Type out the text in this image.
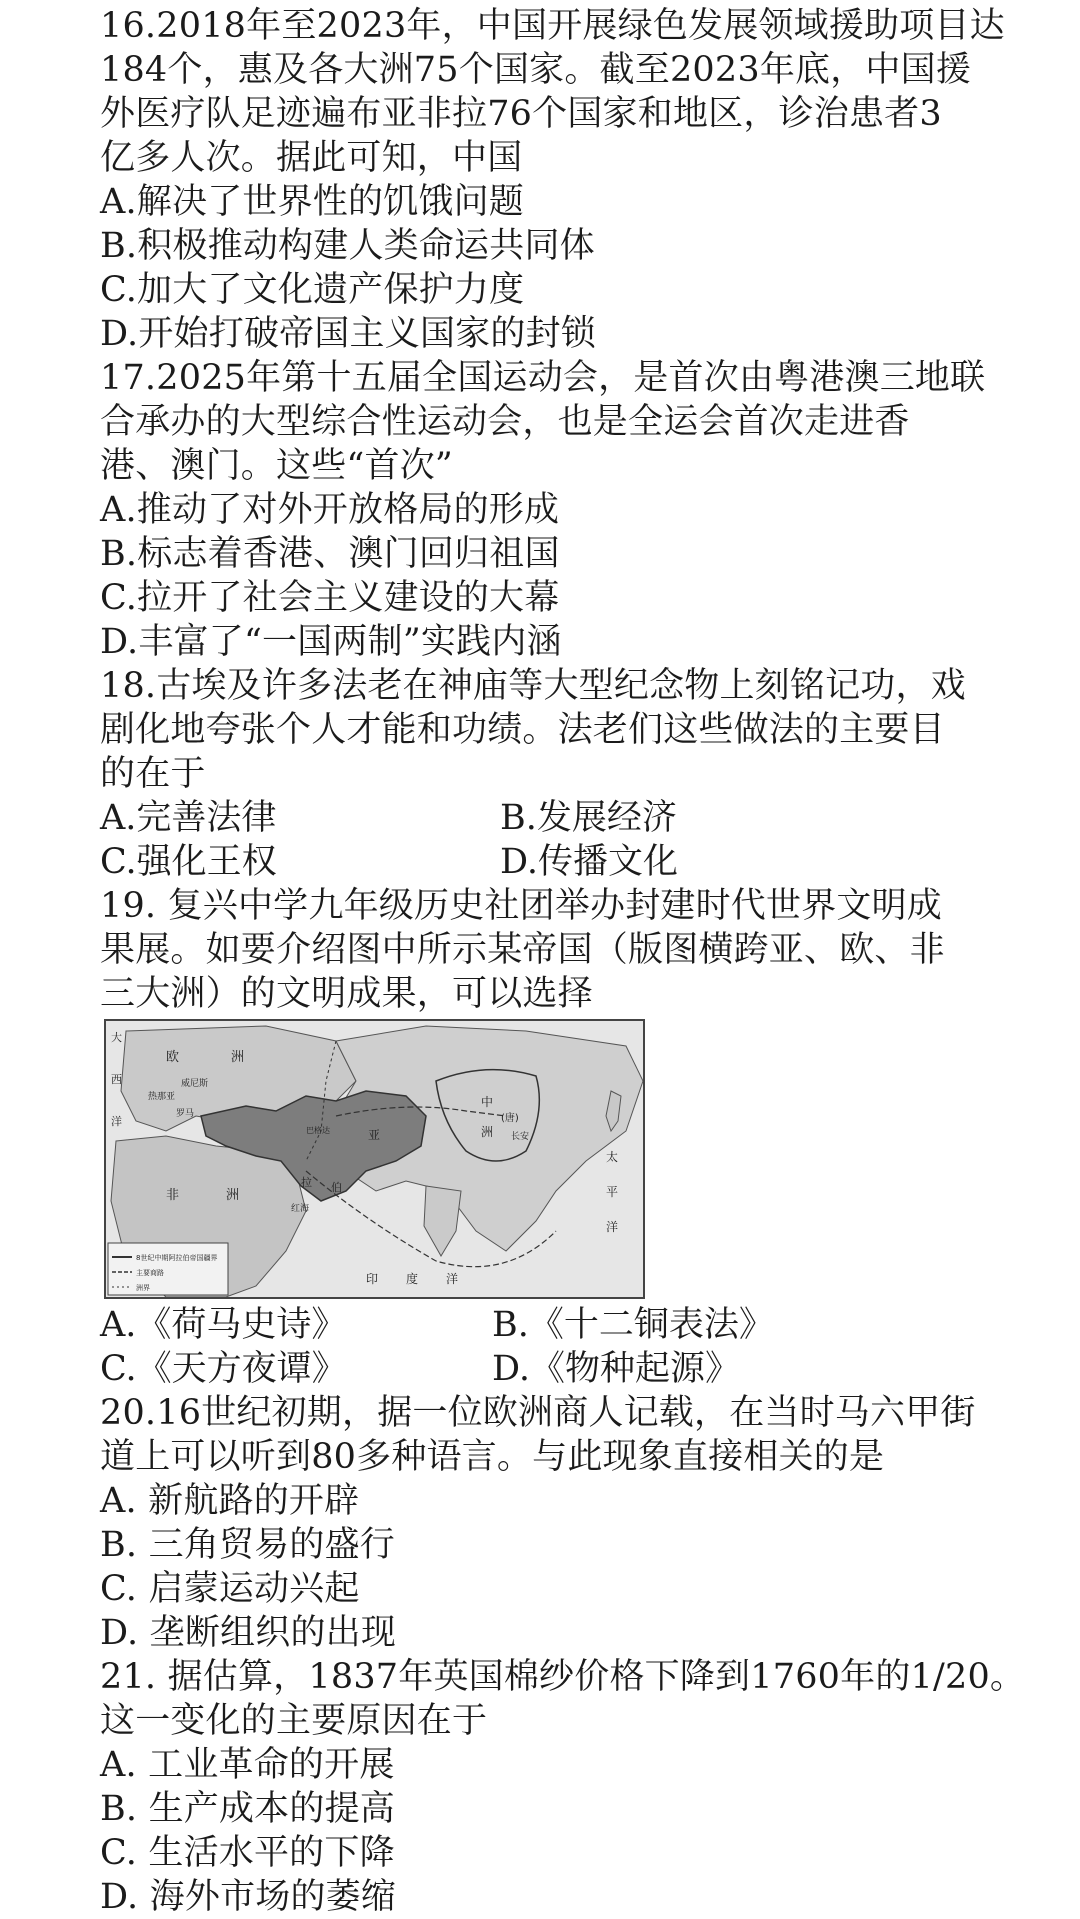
16.2018年至2023年，中国开展绿色发展领域援助项目达
184个，惠及各大洲75个国家。截至2023年底，中国援
外医疗队足迹遍布亚非拉76个国家和地区，诊治患者3
亿多人次。据此可知，中国
A.解决了世界性的饥饿问题
B.积极推动构建人类命运共同体
C.加大了文化遗产保护力度
D.开始打破帝国主义国家的封锁
17.2025年第十五届全国运动会，是首次由粤港澳三地联
合承办的大型综合性运动会，也是全运会首次走进香
港、澳门。这些“首次”
A.推动了对外开放格局的形成
B.标志着香港、澳门回归祖国
C.拉开了社会主义建设的大幕
D.丰富了“一国两制”实践内涵
18.古埃及许多法老在神庙等大型纪念物上刻铭记功，戏
剧化地夸张个人才能和功绩。法老们这些做法的主要目
的在于
A.完善法律	B.发展经济
C.强化王权	D.传播文化
19. 复兴中学九年级历史社团举办封建时代世界文明成
果展。如要介绍图中所示某帝国（版图横跨亚、欧、非
三大洲）的文明成果，可以选择
欧	洲
威尼斯
热那亚
罗马
中
(唐)
洲 长安
非	洲
印 度 洋
太
平
洋
亚
拉 伯
巴格达
大
西
洋
红海
8世纪中期阿拉伯帝国疆界
主要商路
洲界
A.《荷马史诗》	B.《十二铜表法》
C.《天方夜谭》	D.《物种起源》
20.16世纪初期，据一位欧洲商人记载，在当时马六甲街
道上可以听到80多种语言。与此现象直接相关的是
A. 新航路的开辟
B. 三角贸易的盛行
C. 启蒙运动兴起
D. 垄断组织的出现
21. 据估算，1837年英国棉纱价格下降到1760年的1/20。
这一变化的主要原因在于
A. 工业革命的开展
B. 生产成本的提高
C. 生活水平的下降
D. 海外市场的萎缩
